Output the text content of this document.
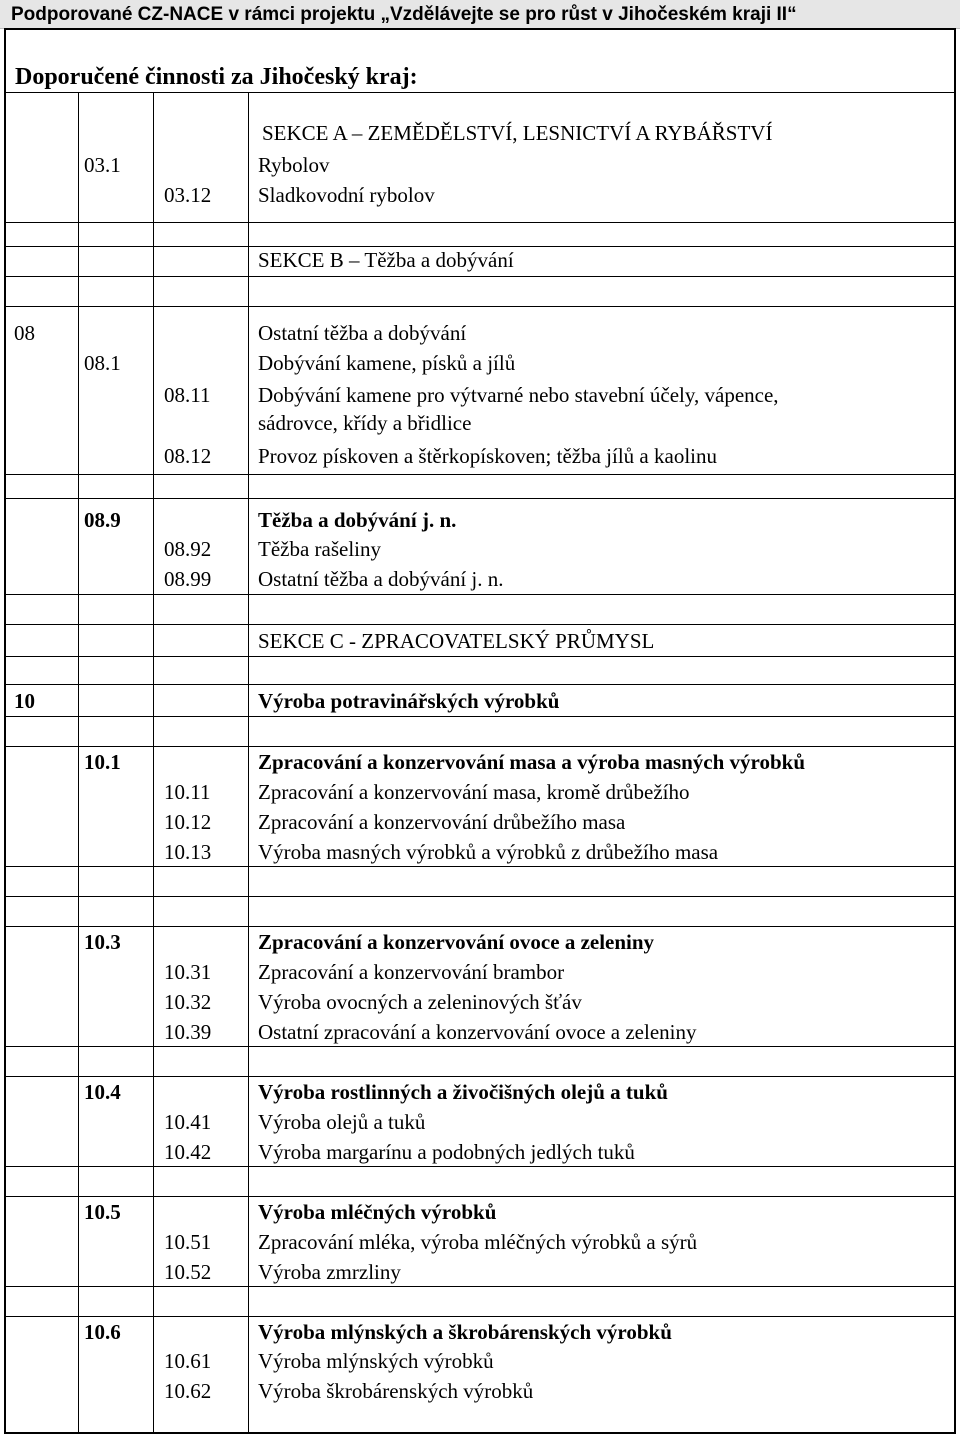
Podporované CZ-NACE v rámci projektu „Vzdělávejte se pro růst v Jihočeském kraji II“
Doporučené činnosti za Jihočeský kraj:
SEKCE A – ZEMĚDĚLSTVÍ, LESNICTVÍ A RYBÁŘSTVÍ
03.1	Rybolov
03.12 Sladkovodní rybolov
SEKCE B – Těžba a dobývání
08	Ostatní těžba a dobývání
08.1	Dobývání kamene, písků a jílů
08.11 Dobývání kamene pro výtvarné nebo stavební účely, vápence,
sádrovce, křídy a břidlice
08.12 Provoz pískoven a štěrkopískoven; těžba jílů a kaolinu
08.9	Těžba a dobývání j. n.
08.92 Těžba rašeliny
08.99 Ostatní těžba a dobývání j. n.
SEKCE C - ZPRACOVATELSKÝ PRŮMYSL
10	Výroba potravinářských výrobků
10.1	Zpracování a konzervování masa a výroba masných výrobků
10.11 Zpracování a konzervování masa, kromě drůbežího
10.12 Zpracování a konzervování drůbežího masa
10.13 Výroba masných výrobků a výrobků z drůbežího masa
10.3	Zpracování a konzervování ovoce a zeleniny
10.31 Zpracování a konzervování brambor
10.32 Výroba ovocných a zeleninových šťáv
10.39 Ostatní zpracování a konzervování ovoce a zeleniny
10.4	Výroba rostlinných a živočišných olejů a tuků
10.41 Výroba olejů a tuků
10.42 Výroba margarínu a podobných jedlých tuků
10.5	Výroba mléčných výrobků
10.51 Zpracování mléka, výroba mléčných výrobků a sýrů
10.52 Výroba zmrzliny
10.6	Výroba mlýnských a škrobárenských výrobků
10.61 Výroba mlýnských výrobků
10.62 Výroba škrobárenských výrobků
